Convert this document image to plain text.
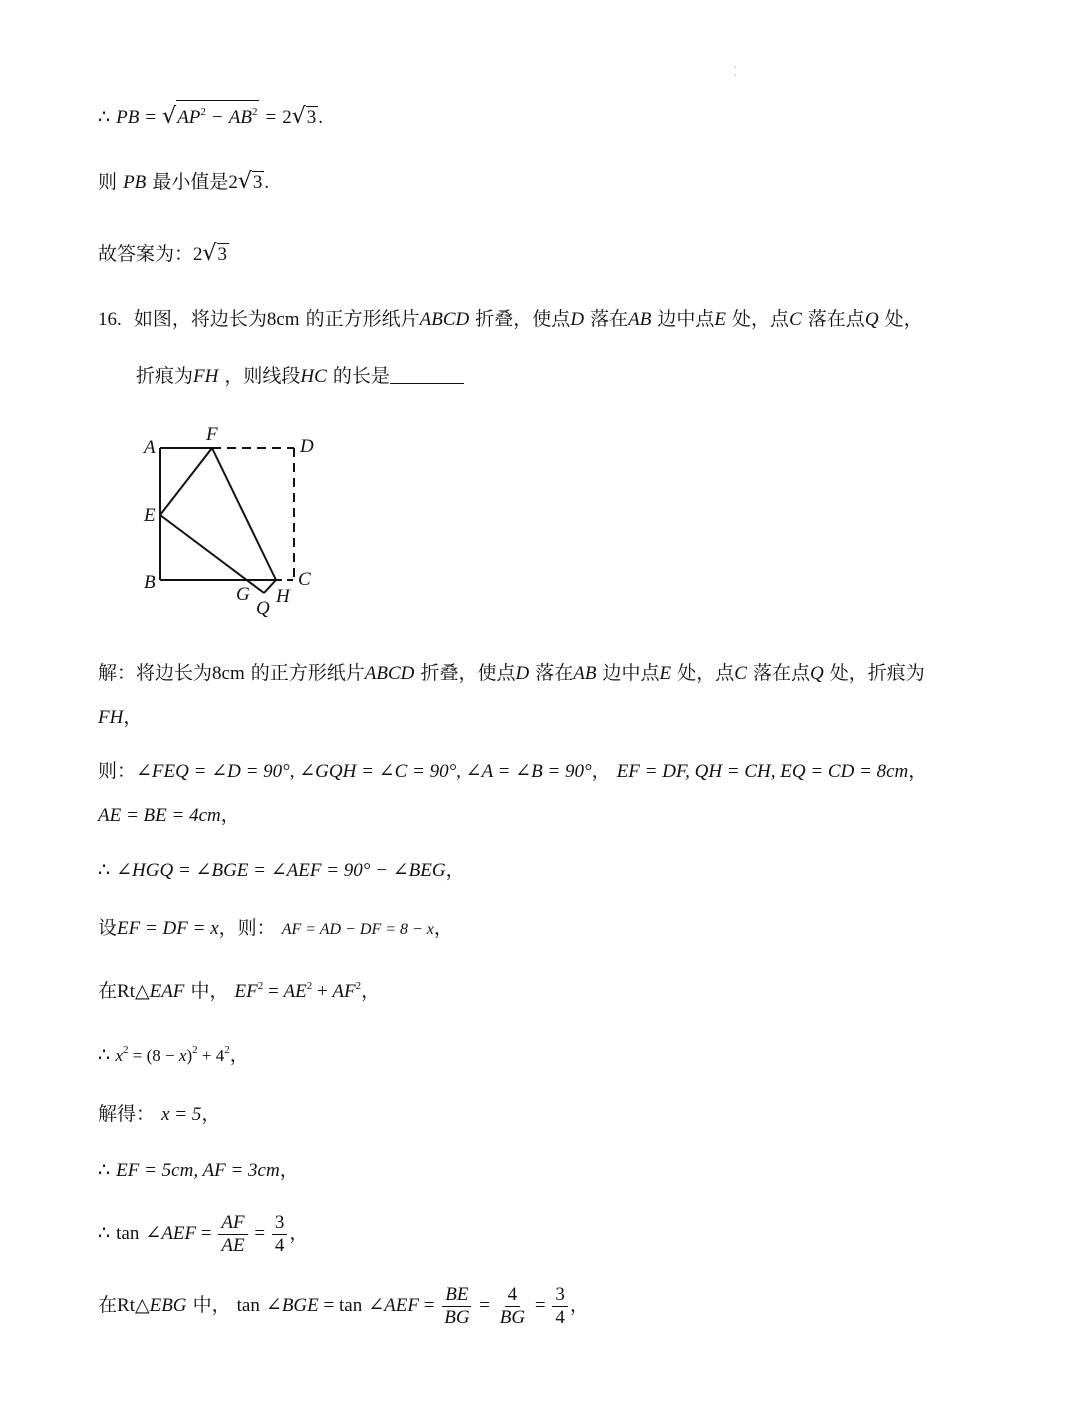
·
·
∴ PB = $√AP^2 - AB^2 = 2√3$ .
则 PB 最小值是2√3 .
故答案为：2√3
16. 如图，将边长为8cm 的正方形纸片ABCD 折叠，使点D 落在AB 边中点E 处，点C 落在点Q 处，
折痕为FH ，则线段HC 的长是
A
F
D
E
B	C
G H
Q
解：将边长为8cm 的正方形纸片ABCD 折叠，使点D 落在AB 边中点E 处，点C 落在点Q 处，折痕为
FH，
则：∠FEQ = ∠D = 90°, ∠GQH = ∠C = 90°, ∠A = ∠B = 90°， EF = DF, QH = CH, EQ = CD = 8cm，
AE = BE = 4cm，
∴ ∠HGQ = ∠BGE = ∠AEF = 90° − ∠BEG，
设EF = DF = x，则： AF = AD − DF = 8 − x，
在Rt△EAF 中， $EF^2 = AE^2 + AF^2$，
∴ $x^2 = (8 - x)^2 + 4^2$，
解得： x = 5，
∴ EF = 5cm, AF = 3cm，
∴ tan ∠AEF = $\frac{AF}{AE} = \frac{3}{4}$ ，
在Rt△EBG 中， tan ∠BGE = tan ∠AEF = $\frac{BE}{BG} = \frac{4}{BG} = \frac{3}{4}$ ，
